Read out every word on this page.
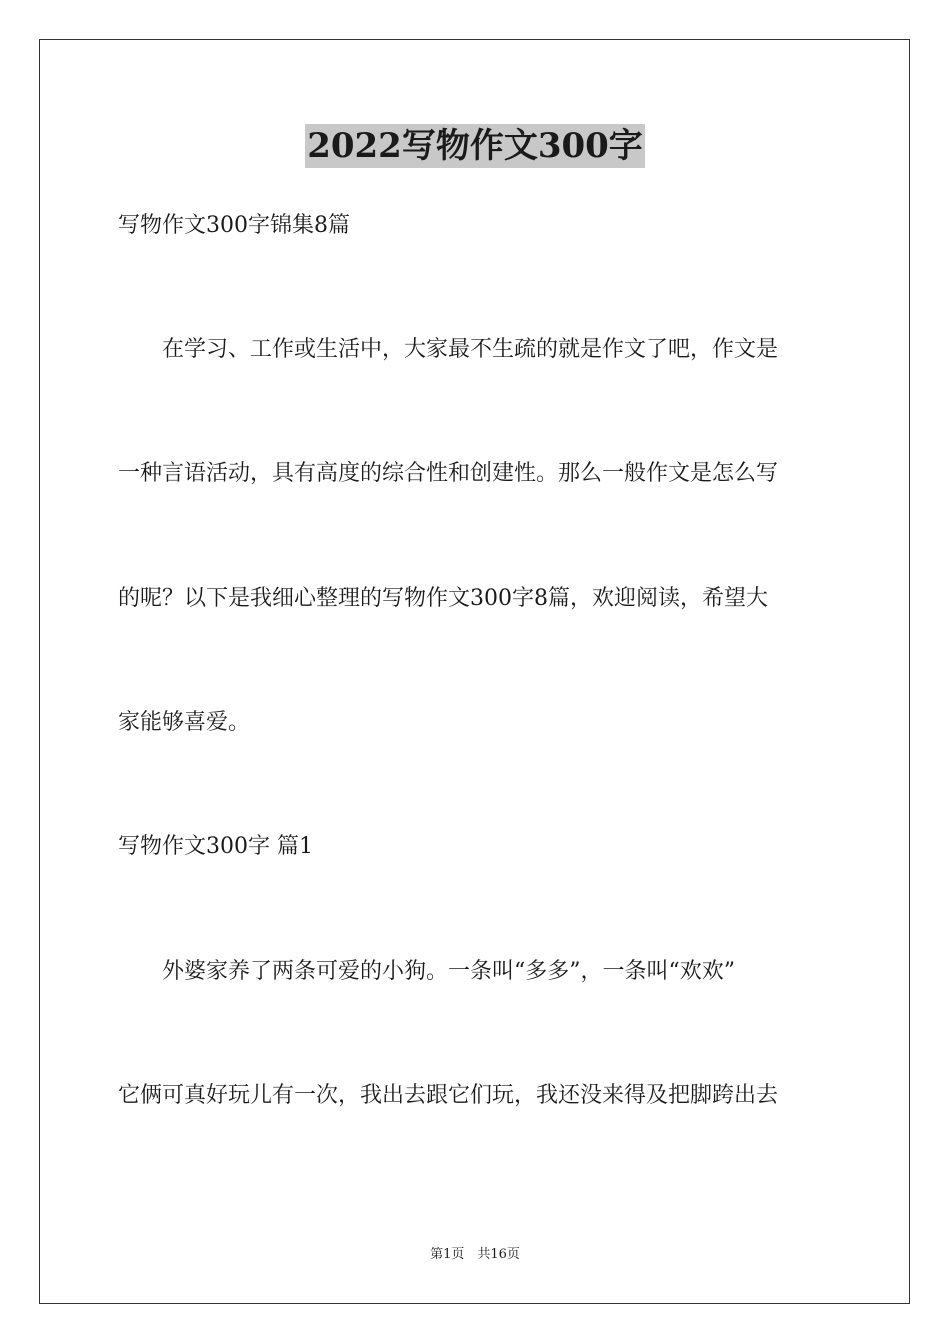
2022写物作文300字
写物作文300字锦集8篇
　　在学习、工作或生活中，大家最不生疏的就是作文了吧，作文是
一种言语活动，具有高度的综合性和创建性。那么一般作文是怎么写
的呢？以下是我细心整理的写物作文300字8篇，欢迎阅读，希望大
家能够喜爱。
写物作文300字 篇1
　　外婆家养了两条可爱的小狗。一条叫“多多”，一条叫“欢欢”
它俩可真好玩儿有一次，我出去跟它们玩，我还没来得及把脚跨出去
第1页　共16页
